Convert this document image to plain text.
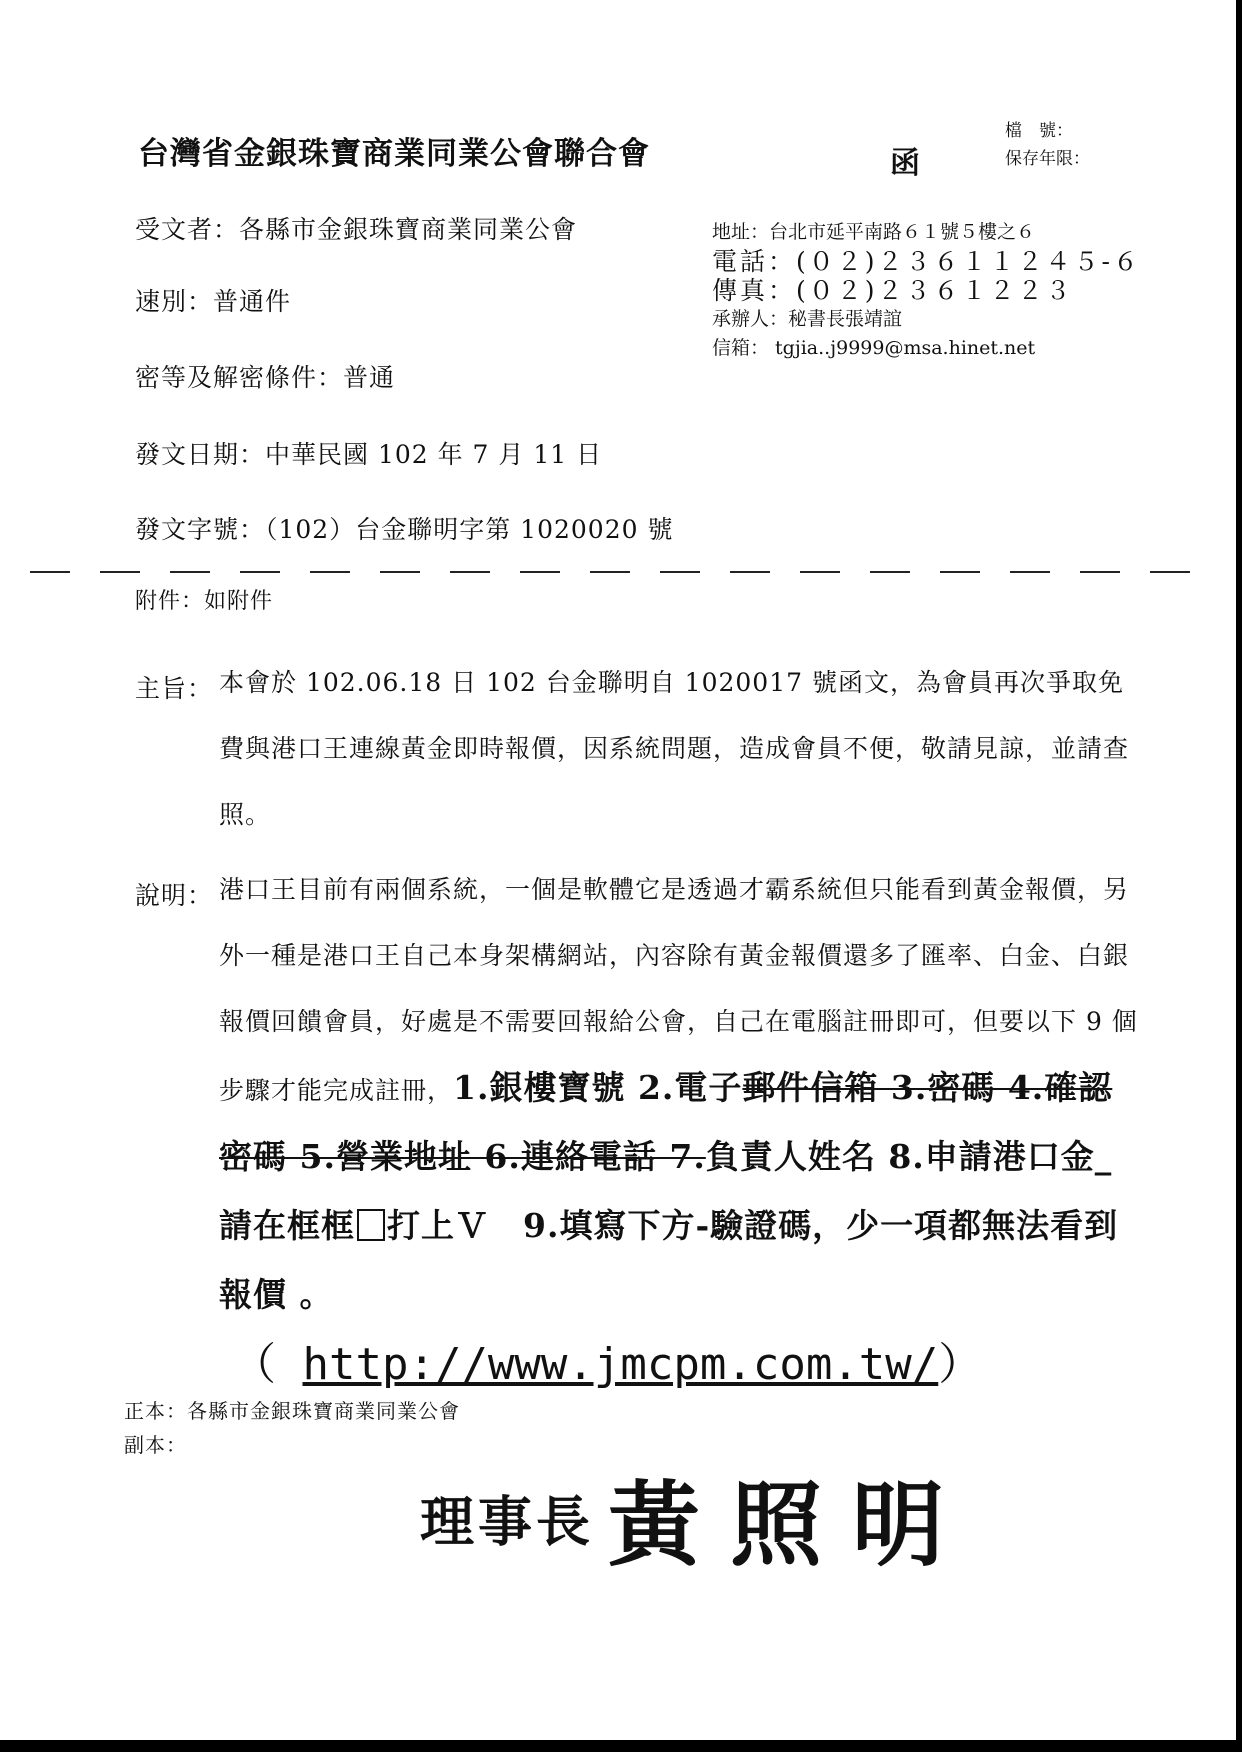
台灣省金銀珠寶商業同業公會聯合會	函
檔　號：
保存年限：
受文者：各縣市金銀珠寶商業同業公會
速別：普通件
密等及解密條件：普通
發文日期：中華民國 102 年 7 月 11 日
發文字號：（102）台金聯明字第 1020020 號
地址：台北市延平南路６１號５樓之６
電話：(０２)２３６１１２４５-６
傳真：(０２)２３６１２２３
承辦人：秘書長張靖誼
信箱： tgjia..j9999@msa.hinet.net
附件：如附件
主旨： 本會於 102.06.18 日 102 台金聯明自 1020017 號函文，為會員再次爭取免費與港口王連線黃金即時報價，因系統問題，造成會員不便，敬請見諒，並請查照。
說明： 港口王目前有兩個系統，一個是軟體它是透過才霸系統但只能看到黃金報價，另外一種是港口王自己本身架構網站，內容除有黃金報價還多了匯率、白金、白銀報價回饋會員，好處是不需要回報給公會，自己在電腦註冊即可，但要以下 9 個步驟才能完成註冊，1.銀樓寶號 2.電子郵件信箱 3.密碼 4.確認密碼 5.營業地址 6.連絡電話 7.負責人姓名 8.申請港口金_請在框框 打上Ｖ　9.填寫下方-驗證碼，少一項都無法看到報價 。
（ http://www.jmcpm.com.tw/）
正本：各縣市金銀珠寶商業同業公會
副本：
理事長 黃照明
